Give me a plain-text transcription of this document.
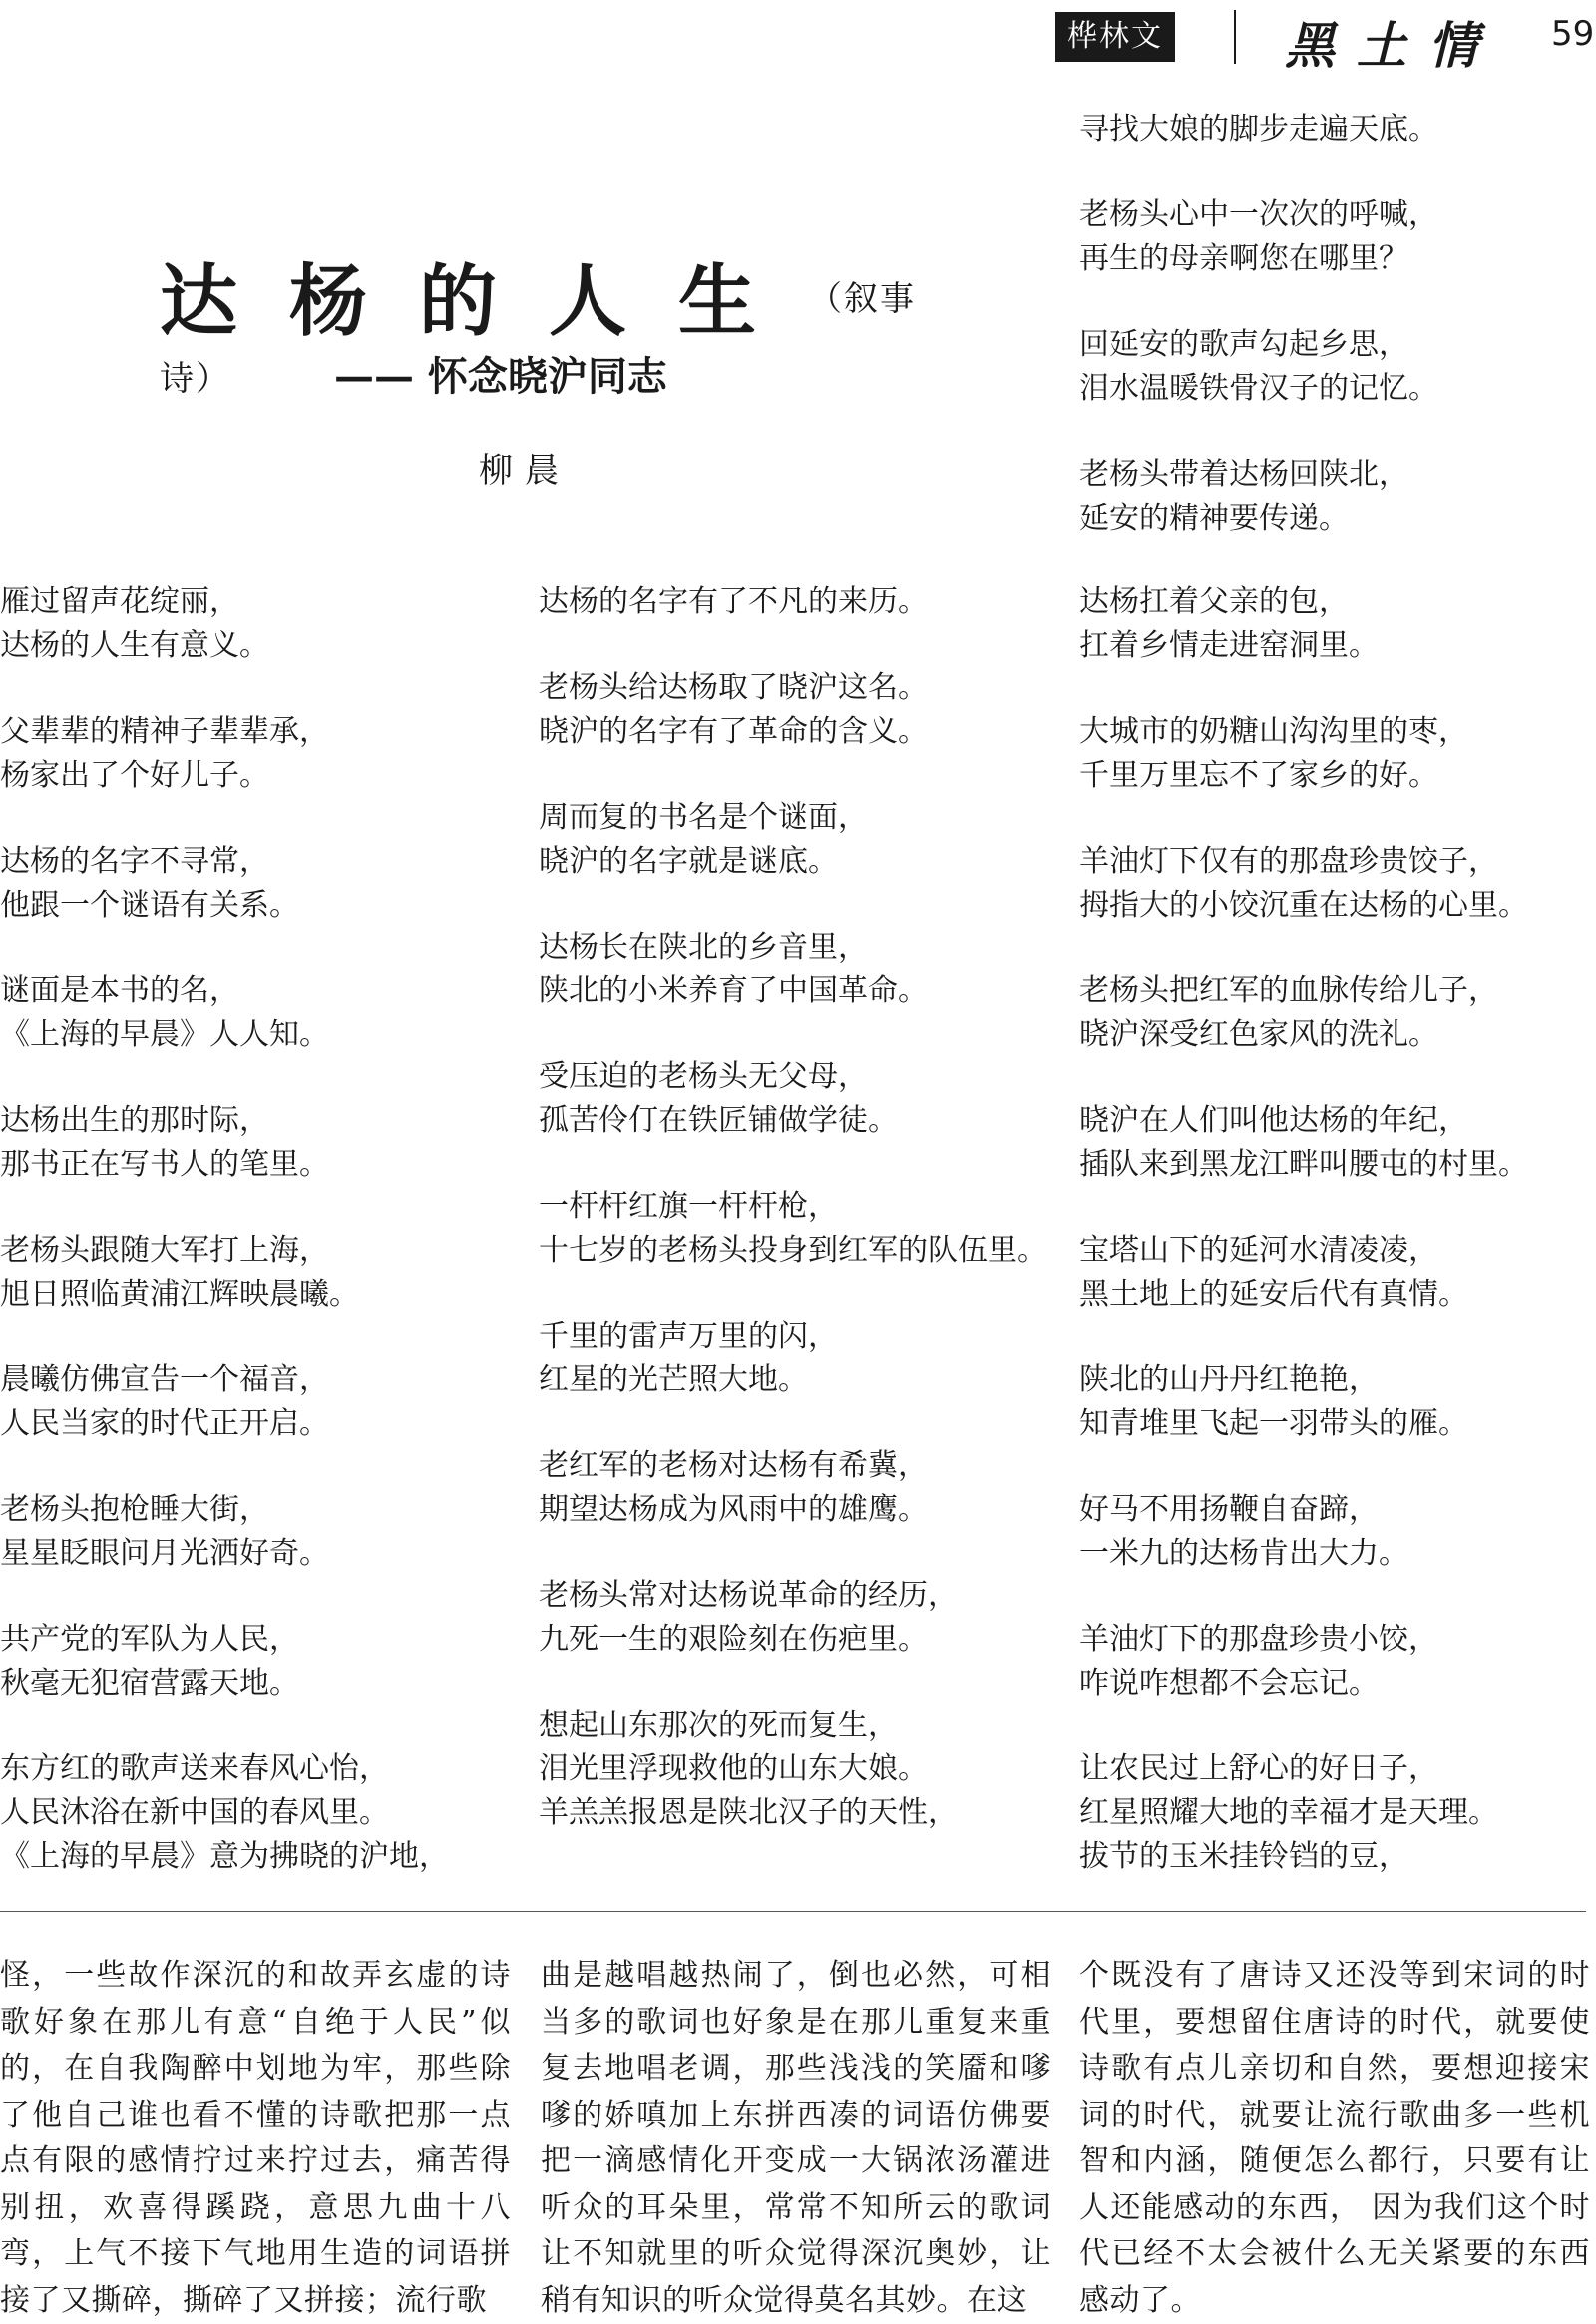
桦林文苑
黑土情 59
达杨的人生（叙事诗）	—— 怀念晓沪同志
柳晨
寻找大娘的脚步走遍天底。
老杨头心中一次次的呼喊，
再生的母亲啊您在哪里？
回延安的歌声勾起乡思，
泪水温暖铁骨汉子的记忆。
老杨头带着达杨回陕北，
延安的精神要传递。
雁过留声花绽丽，
达杨的人生有意义。
父辈辈的精神子辈辈承，
杨家出了个好儿子。
达杨的名字不寻常，
他跟一个谜语有关系。
谜面是本书的名，
《上海的早晨》人人知。
达杨出生的那时际，
那书正在写书人的笔里。
老杨头跟随大军打上海，
旭日照临黄浦江辉映晨曦。
晨曦仿佛宣告一个福音，
人民当家的时代正开启。
老杨头抱枪睡大街，
星星眨眼问月光洒好奇。
共产党的军队为人民，
秋毫无犯宿营露天地。
东方红的歌声送来春风心怡，
人民沐浴在新中国的春风里。
《上海的早晨》意为拂晓的沪地，
达杨的名字有了不凡的来历。
老杨头给达杨取了晓沪这名。
晓沪的名字有了革命的含义。
周而复的书名是个谜面，
晓沪的名字就是谜底。
达杨长在陕北的乡音里，
陕北的小米养育了中国革命。
受压迫的老杨头无父母，
孤苦伶仃在铁匠铺做学徒。
一杆杆红旗一杆杆枪，
十七岁的老杨头投身到红军的队伍里。
千里的雷声万里的闪，
红星的光芒照大地。
老红军的老杨对达杨有希冀，
期望达杨成为风雨中的雄鹰。
老杨头常对达杨说革命的经历，
九死一生的艰险刻在伤疤里。
想起山东那次的死而复生，
泪光里浮现救他的山东大娘。
羊羔羔报恩是陕北汉子的天性，
达杨扛着父亲的包，
扛着乡情走进窑洞里。
大城市的奶糖山沟沟里的枣，
千里万里忘不了家乡的好。
羊油灯下仅有的那盘珍贵饺子，
拇指大的小饺沉重在达杨的心里。
老杨头把红军的血脉传给儿子，
晓沪深受红色家风的洗礼。
晓沪在人们叫他达杨的年纪，
插队来到黑龙江畔叫腰屯的村里。
宝塔山下的延河水清凌凌，
黑土地上的延安后代有真情。
陕北的山丹丹红艳艳，
知青堆里飞起一羽带头的雁。
好马不用扬鞭自奋蹄，
一米九的达杨肯出大力。
羊油灯下的那盘珍贵小饺，
咋说咋想都不会忘记。
让农民过上舒心的好日子，
红星照耀大地的幸福才是天理。
拔节的玉米挂铃铛的豆，
怪，一些故作深沉的和故弄玄虚的诗歌好象在那儿有意“自绝于人民”似的，在自我陶醉中划地为牢，那些除了他自己谁也看不懂的诗歌把那一点点有限的感情拧过来拧过去，痛苦得别扭，欢喜得蹊跷，意思九曲十八弯，上气不接下气地用生造的词语拼接了又撕碎，撕碎了又拼接；流行歌
曲是越唱越热闹了，倒也必然，可相当多的歌词也好象是在那儿重复来重复去地唱老调，那些浅浅的笑靥和嗲嗲的娇嗔加上东拼西凑的词语仿佛要把一滴感情化开变成一大锅浓汤灌进听众的耳朵里，常常不知所云的歌词让不知就里的听众觉得深沉奥妙，让稍有知识的听众觉得莫名其妙。在这
个既没有了唐诗又还没等到宋词的时代里，要想留住唐诗的时代，就要使诗歌有点儿亲切和自然，要想迎接宋词的时代，就要让流行歌曲多一些机智和内涵，随便怎么都行，只要有让人还能感动的东西， 因为我们这个时代已经不太会被什么无关紧要的东西感动了。
